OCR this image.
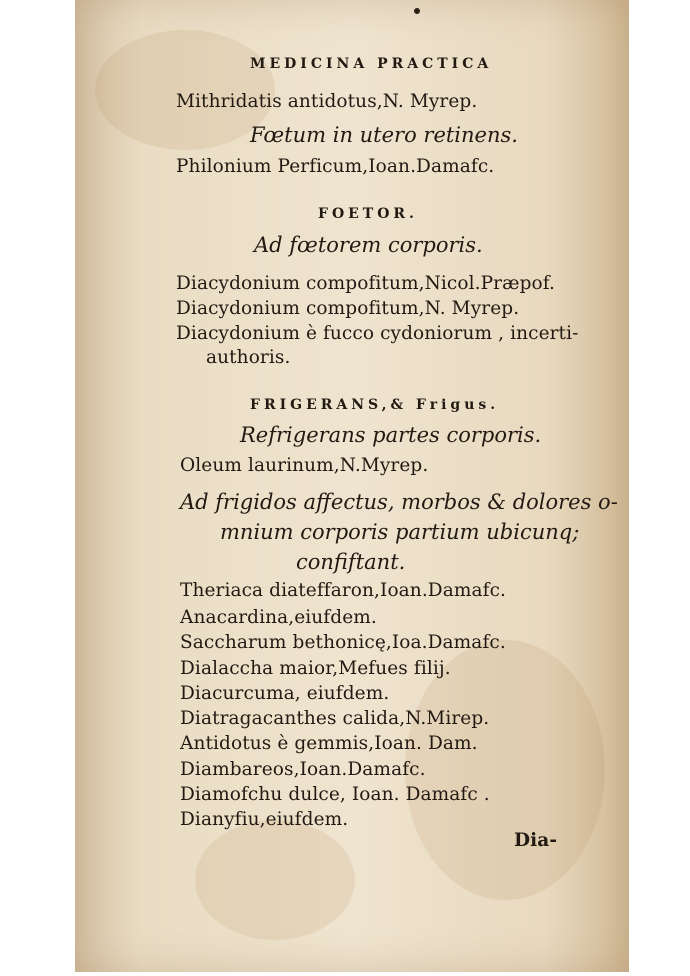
MEDICINA PRACTICA
Mithridatis antidotus,N. Myrep.
Fœtum in utero retinens.
Philonium Perficum,Ioan.Damafc.
FOETOR.
Ad fœtorem corporis.
Diacydonium compofitum,Nicol.Præpof.
Diacydonium compofitum,N. Myrep.
Diacydonium è fucco cydoniorum , incerti-
authoris.
FRIGERANS,& Frigus.
Refrigerans partes corporis.
Oleum laurinum,N.Myrep.
Ad frigidos affectus, morbos & dolores o-
mnium corporis partium ubicunq;
confiftant.
Theriaca diateffaron,Ioan.Damafc.
Anacardina,eiufdem.
Saccharum bethonicę,Ioa.Damafc.
Dialaccha maior,Mefues filij.
Diacurcuma, eiufdem.
Diatragacanthes calida,N.Mirep.
Antidotus è gemmis,Ioan. Dam.
Diambareos,Ioan.Damafc.
Diamofchu dulce, Ioan. Damafc .
Dianyfiu,eiufdem.
Dia-
